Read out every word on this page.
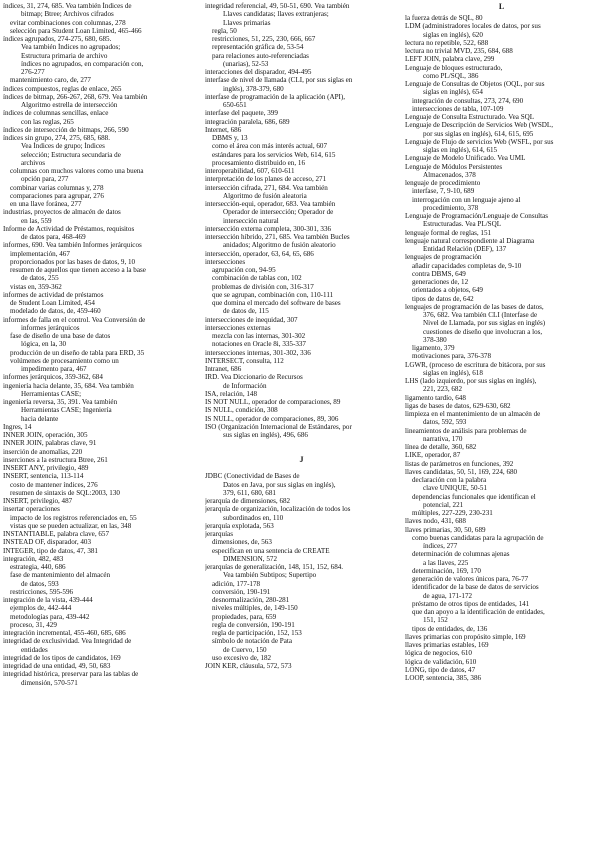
índices, 31, 274, 685. Vea también Índices de
bitmap; Btree; Archivos cifrados
evitar combinaciones con columnas, 278
selección para Student Loan Limited, 465-466
índices agrupados, 274-275, 680, 685.
Vea también Índices no agrupados;
Estructura primaria de archivo
índices no agrupados, en comparación con,
276-277
mantenimiento caro, de, 277
índices compuestos, reglas de enlace, 265
índices de bitmap, 266-267, 268, 679. Vea también
Algoritmo estrella de intersección
índices de columnas sencillas, enlace
con las reglas, 265
índices de intersección de bitmaps, 266, 590
índices sin grupo, 274, 275, 685, 688.
Vea Índices de grupo; Índices
selección; Estructura secundaria de
archivos
columnas con muchos valores como una buena
opción para, 277
combinar varias columnas y, 278
comparaciones para agrupar, 276
en una llave foránea, 277
industrias, proyectos de almacén de datos
en las, 559
Informe de Actividad de Préstamos, requisitos
de datos para, 468-469
informes, 690. Vea también Informes jerárquicos
implementación, 467
proporcionados por las bases de datos, 9, 10
resumen de aquellos que tienen acceso a la base
de datos, 255
vistas en, 359-362
informes de actividad de préstamos
de Student Loan Limited, 454
modelado de datos, de, 459-460
informes de falla en el control. Vea Conversión de
informes jerárquicos
fase de diseño de una base de datos
lógica, en la, 30
producción de un diseño de tabla para ERD, 35
volúmenes de procesamiento como un
impedimento para, 467
informes jerárquicos, 359-362, 684
ingeniería hacia delante, 35, 684. Vea también
Herramientas CASE;
ingeniería reversa, 35, 391. Vea también
Herramientas CASE; Ingeniería
hacia delante
Ingres, 14
INNER JOIN, operación, 305
INNER JOIN, palabras clave, 91
inserción de anomalías, 220
inserciones a la estructura Btree, 261
INSERT ANY, privilegio, 489
INSERT, sentencia, 113-114
costo de mantener índices, 276
resumen de sintaxis de SQL:2003, 130
INSERT, privilegio, 487
insertar operaciones
impacto de los registros referenciados en, 55
vistas que se pueden actualizar, en las, 348
INSTANTIABLE, palabra clave, 657
INSTEAD OF, disparador, 403
INTEGER, tipo de datos, 47, 381
integración, 482, 483
estrategia, 440, 686
fase de mantenimiento del almacén
de datos, 593
restricciones, 595-596
integración de la vista, 439-444
ejemplos de, 442-444
metodologías para, 439-442
proceso, 31, 429
integración incremental, 455-460, 685, 686
integridad de exclusividad. Vea Integridad de
entidades
integridad de los tipos de candidatos, 169
integridad de una entidad, 49, 50, 683
integridad histórica, preservar para las tablas de
dimensión, 570-571
integridad referencial, 49, 50-51, 690. Vea también
Llaves candidatas; llaves extranjeras;
Llaves primarias
regla, 50
restricciones, 51, 225, 230, 666, 667
representación gráfica de, 53-54
para relaciones auto-referenciadas
(unarias), 52-53
interacciones del disparador, 494-495
interfase de nivel de llamada (CLI, por sus siglas en
inglés), 378-379, 680
interfase de programación de la aplicación (API),
650-651
interfase del paquete, 399
integración paralela, 686, 689
Internet, 686
DBMS y, 13
como el área con más interés actual, 607
estándares para los servicios Web, 614, 615
procesamiento distribuido en, 16
interoperabilidad, 607, 610-611
interpretación de los planes de acceso, 271
intersección cifrada, 271, 684. Vea también
Algoritmo de fusión aleatoria
intersección-equi, operador, 683. Vea también
Operador de intersección; Operador de
intersección natural
intersección externa completa, 300-301, 336
intersección híbrido, 271, 685. Vea también Bucles
anidados; Algoritmo de fusión aleatorio
intersección, operador, 63, 64, 65, 686
intersecciones
agrupación con, 94-95
combinación de tablas con, 102
problemas de división con, 316-317
que se agrupan, combinación con, 110-111
que domina el mercado del software de bases
de datos de, 115
intersecciones de inequidad, 307
intersecciones externas
mezcla con las internas, 301-302
notaciones en Oracle 8i, 335-337
intersecciones internas, 301-302, 336
INTERSECT, consulta, 112
Intranet, 686
IRD. Vea Diccionario de Recursos
de Información
ISA, relación, 148
IS NOT NULL, operador de comparaciones, 89
IS NULL, condición, 308
IS NULL, operador de comparaciones, 89, 306
ISO (Organización Internacional de Estándares, por
sus siglas en inglés), 496, 686
J
JDBC (Conectividad de Bases de
Datos en Java, por sus siglas en inglés),
379, 611, 680, 681
jerarquía de dimensiones, 682
jerarquía de organización, localización de todos los
subordinados en, 110
jerarquía explotada, 563
jerarquías
dimensiones, de, 563
especifican en una sentencia de CREATE
DIMENSION, 572
jerarquías de generalización, 148, 151, 152, 684.
Vea también Subtipos; Supertipo
adición, 177-178
conversión, 190-191
desnormalización, 280-281
niveles múltiples, de, 149-150
propiedades, para, 659
regla de conversión, 190-191
regla de participación, 152, 153
símbolo de notación de Pata
de Cuervo, 150
uso excesivo de, 182
JOIN KER, cláusula, 572, 573
L
la fuerza detrás de SQL, 80
LDM (administradores locales de datos, por sus
siglas en inglés), 620
lectura no repetible, 522, 688
lectura no trivial MVD, 235, 684, 688
LEFT JOIN, palabra clave, 299
Lenguaje de bloques estructurado,
como PL/SQL, 386
Lenguaje de Consultas de Objetos (OQL, por sus
siglas en inglés), 654
integración de consultas, 273, 274, 690
intersecciones de tabla, 107-109
Lenguaje de Consulta Estructurado. Vea SQL
Lenguaje de Descripción de Servicios Web (WSDL,
por sus siglas en inglés), 614, 615, 695
Lenguaje de Flujo de servicios Web (WSFL, por sus
siglas en inglés), 614, 615
Lenguaje de Modelo Unificado. Vea UML
Lenguaje de Módulos Persistentes
Almacenados, 378
lenguaje de procedimiento
interfase, 7, 9-10, 689
interrogación con un lenguaje ajeno al
procedimiento, 378
Lenguaje de Programación/Lenguaje de Consultas
Estructuradas. Vea PL/SQL
lenguaje formal de reglas, 151
lenguaje natural correspondiente al Diagrama
Entidad Relación (DEF), 137
lenguajes de programación
añadir capacidades completas de, 9-10
contra DBMS, 649
generaciones de, 12
orientados a objetos, 649
tipos de datos de, 642
lenguajes de programación de las bases de datos,
376, 682. Vea también CLI (Interfase de
Nivel de Llamada, por sus siglas en inglés)
cuestiones de diseño que involucran a los,
378-380
ligamento, 379
motivaciones para, 376-378
LGWR, (proceso de escritura de bitácora, por sus
siglas en inglés), 618
LHS (lado izquierdo, por sus siglas en inglés),
221, 223, 682
ligamento tardío, 648
ligas de bases de datos, 629-630, 682
limpieza en el mantenimiento de un almacén de
datos, 592, 593
lineamientos de análisis para problemas de
narrativa, 170
línea de detalle, 360, 682
LIKE, operador, 87
listas de parámetros en funciones, 392
llaves candidatas, 50, 51, 169, 224, 680
declaración con la palabra
clave UNIQUE, 50-51
dependencias funcionales que identifican el
potencial, 221
múltiples, 227-229, 230-231
llaves nodo, 431, 688
llaves primarias, 30, 50, 689
como buenas candidatas para la agrupación de
índices, 277
determinación de columnas ajenas
a las llaves, 225
determinación, 169, 170
generación de valores únicos para, 76-77
identificador de la base de datos de servicios
de agua, 171-172
préstamo de otros tipos de entidades, 141
que dan apoyo a la identificación de entidades,
151, 152
tipos de entidades, de, 136
llaves primarias con propósito simple, 169
llaves primarias estables, 169
lógica de negocios, 610
lógica de validación, 610
LONG, tipo de datos, 47
LOOP, sentencia, 385, 386
